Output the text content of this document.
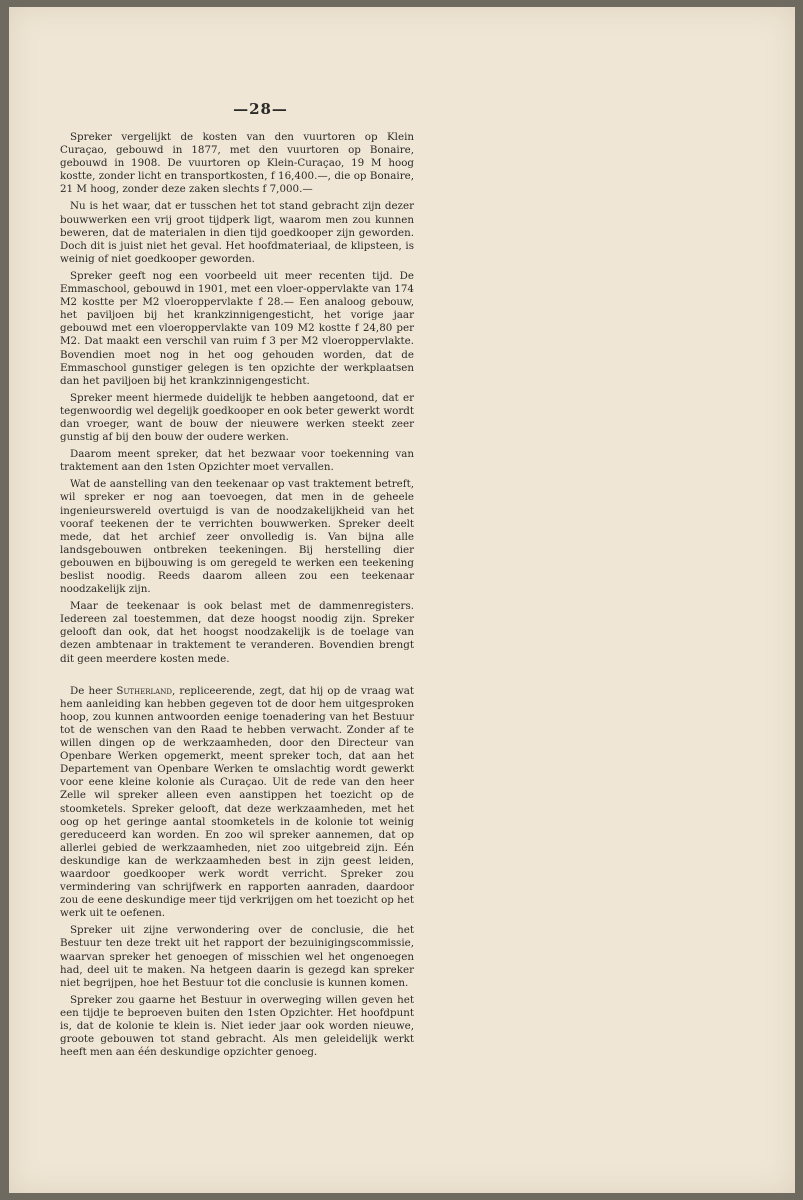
—28—

Spreker vergelijkt de kosten van den vuurtoren op Klein Curaçao, gebouwd in 1877, met den vuurtoren op Bonaire, gebouwd in 1908. De vuurtoren op Klein-Curaçao, 19 M hoog kostte, zonder licht en transportkosten, f 16,400.—, die op Bonaire, 21 M hoog, zonder deze zaken slechts f 7,000.—

Nu is het waar, dat er tusschen het tot stand gebracht zijn dezer bouwwerken een vrij groot tijdperk ligt, waarom men zou kunnen beweren, dat de materialen in dien tijd goedkooper zijn geworden. Doch dit is juist niet het geval. Het hoofdmateriaal, de klipsteen, is weinig of niet goedkooper geworden.

Spreker geeft nog een voorbeeld uit meer recenten tijd. De Emmaschool, gebouwd in 1901, met een vloer-oppervlakte van 174 M2 kostte per M2 vloeroppervlakte f 28.— Een analoog gebouw, het paviljoen bij het krankzinnigengesticht, het vorige jaar gebouwd met een vloeroppervlakte van 109 M2 kostte f 24,80 per M2. Dat maakt een verschil van ruim f 3 per M2 vloeroppervlakte. Bovendien moet nog in het oog gehouden worden, dat de Emmaschool gunstiger gelegen is ten opzichte der werkplaatsen dan het paviljoen bij het krankzinnigengesticht.

Spreker meent hiermede duidelijk te hebben aangetoond, dat er tegenwoordig wel degelijk goedkooper en ook beter gewerkt wordt dan vroeger, want de bouw der nieuwere werken steekt zeer gunstig af bij den bouw der oudere werken.

Daarom meent spreker, dat het bezwaar voor toekenning van traktement aan den 1sten Opzichter moet vervallen.

Wat de aanstelling van den teekenaar op vast traktement betreft, wil spreker er nog aan toevoegen, dat men in de geheele ingenieurswereld overtuigd is van de noodzakelijkheid van het vooraf teekenen der te verrichten bouwwerken. Spreker deelt mede, dat het archief zeer onvolledig is. Van bijna alle landsgebouwen ontbreken teekeningen. Bij herstelling dier gebouwen en bijbouwing is om geregeld te werken een teekening beslist noodig. Reeds daarom alleen zou een teekenaar noodzakelijk zijn.

Maar de teekenaar is ook belast met de dammenregisters. Iedereen zal toestemmen, dat deze hoogst noodig zijn. Spreker gelooft dan ook, dat het hoogst noodzakelijk is de toelage van dezen ambtenaar in traktement te veranderen. Bovendien brengt dit geen meerdere kosten mede.

De heer Sutherland, repliceerende, zegt, dat hij op de vraag wat hem aanleiding kan hebben gegeven tot de door hem uitgesproken hoop, zou kunnen antwoorden eenige toenadering van het Bestuur tot de wenschen van den Raad te hebben verwacht. Zonder af te willen dingen op de werkzaamheden, door den Directeur van Openbare Werken opgemerkt, meent spreker toch, dat aan het Departement van Openbare Werken te omslachtig wordt gewerkt voor eene kleine kolonie als Curaçao. Uit de rede van den heer Zelle wil spreker alleen even aanstippen het toezicht op de stoomketels. Spreker gelooft, dat deze werkzaamheden, met het oog op het geringe aantal stoomketels in de kolonie tot weinig gereduceerd kan worden. En zoo wil spreker aannemen, dat op allerlei gebied de werkzaamheden, niet zoo uitgebreid zijn. Eén deskundige kan de werkzaamheden best in zijn geest leiden, waardoor goedkooper werk wordt verricht. Spreker zou vermindering van schrijfwerk en rapporten aanraden, daardoor zou de eene deskundige meer tijd verkrijgen om het toezicht op het werk uit te oefenen.

Spreker uit zijne verwondering over de conclusie, die het Bestuur ten deze trekt uit het rapport der bezuinigingscommissie, waarvan spreker het genoegen of misschien wel het ongenoegen had, deel uit te maken. Na hetgeen daarin is gezegd kan spreker niet begrijpen, hoe het Bestuur tot die conclusie is kunnen komen.

Spreker zou gaarne het Bestuur in overweging willen geven het een tijdje te beproeven buiten den 1sten Opzichter. Het hoofdpunt is, dat de kolonie te klein is. Niet ieder jaar ook worden nieuwe, groote gebouwen tot stand gebracht. Als men geleidelijk werkt heeft men aan één deskundige opzichter genoeg.
